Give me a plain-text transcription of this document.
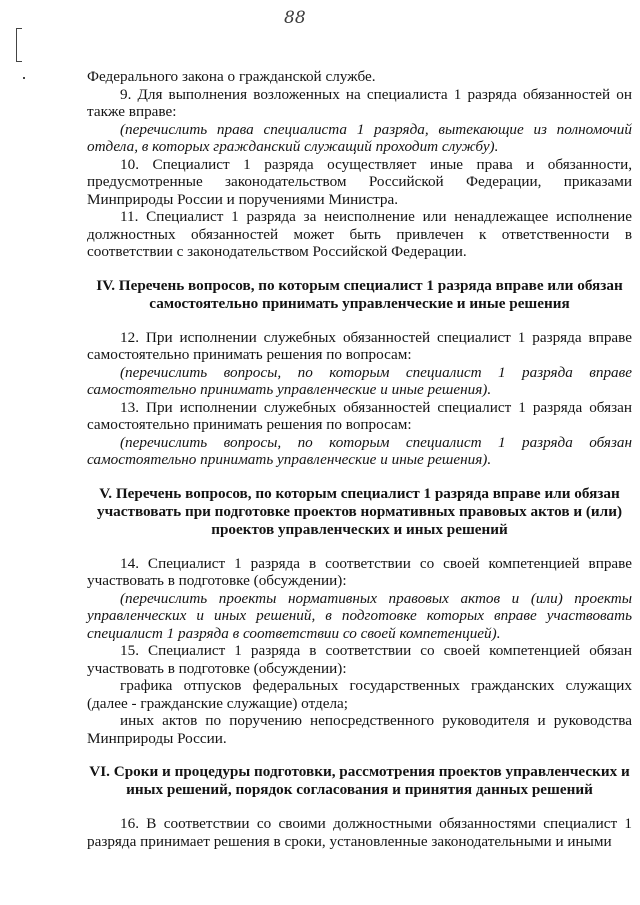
88

Федерального закона о гражданской службе.

9. Для выполнения возложенных на специалиста 1 разряда обязанностей он также вправе:

(перечислить права специалиста 1 разряда, вытекающие из полномочий отдела, в которых гражданский служащий проходит службу).

10. Специалист 1 разряда осуществляет иные права и обязанности, предусмотренные законодательством Российской Федерации, приказами Минприроды России и поручениями Министра.

11. Специалист 1 разряда за неисполнение или ненадлежащее исполнение должностных обязанностей может быть привлечен к ответственности в соответствии с законодательством Российской Федерации.

IV. Перечень вопросов, по которым специалист 1 разряда вправе или обязан самостоятельно принимать управленческие и иные решения

12. При исполнении служебных обязанностей специалист 1 разряда вправе самостоятельно принимать решения по вопросам:

(перечислить вопросы, по которым специалист 1 разряда вправе самостоятельно принимать управленческие и иные решения).

13. При исполнении служебных обязанностей специалист 1 разряда обязан самостоятельно принимать решения по вопросам:

(перечислить вопросы, по которым специалист 1 разряда обязан самостоятельно принимать управленческие и иные решения).

V. Перечень вопросов, по которым специалист 1 разряда вправе или обязан участвовать при подготовке проектов нормативных правовых актов и (или) проектов управленческих и иных решений

14. Специалист 1 разряда в соответствии со своей компетенцией вправе участвовать в подготовке (обсуждении):

(перечислить проекты нормативных правовых актов и (или) проекты управленческих и иных решений, в подготовке которых вправе участвовать специалист 1 разряда в соответствии со своей компетенцией).

15. Специалист 1 разряда в соответствии со своей компетенцией обязан участвовать в подготовке (обсуждении):

графика отпусков федеральных государственных гражданских служащих (далее - гражданские служащие) отдела;

иных актов по поручению непосредственного руководителя и руководства Минприроды России.

VI. Сроки и процедуры подготовки, рассмотрения проектов управленческих и иных решений, порядок согласования и принятия данных решений

16. В соответствии со своими должностными обязанностями специалист 1 разряда принимает решения в сроки, установленные законодательными и иными
